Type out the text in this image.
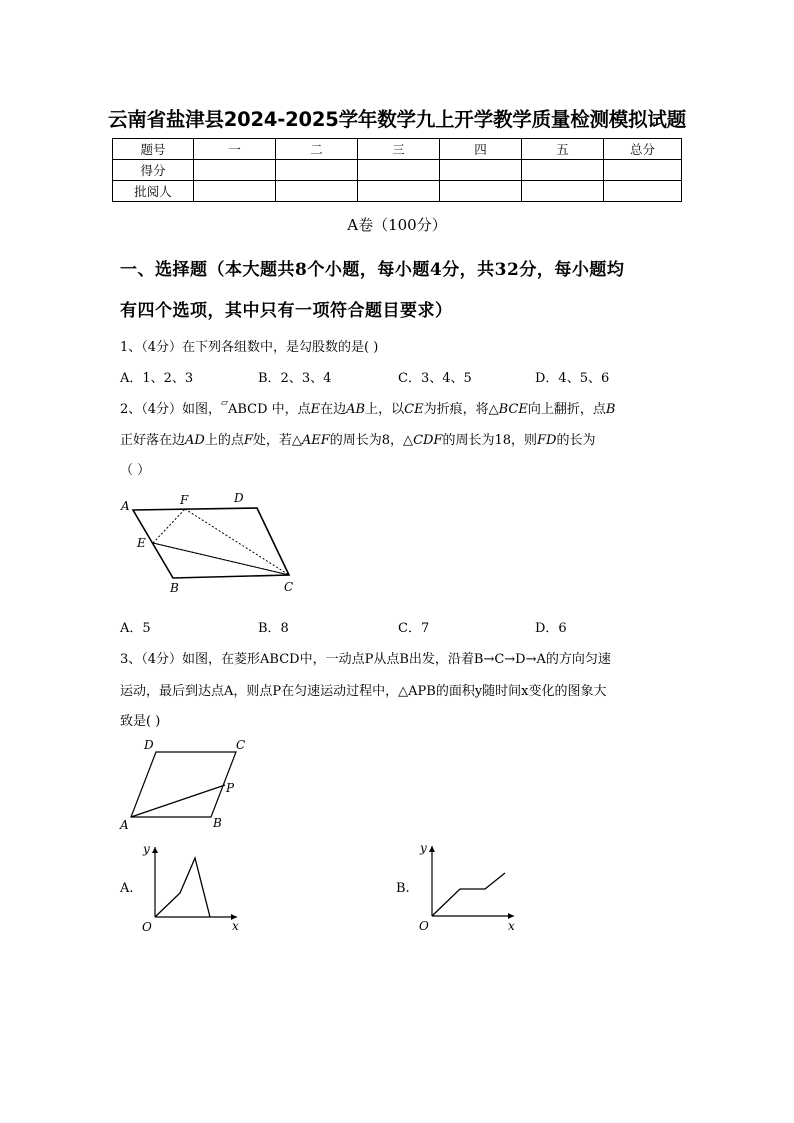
云南省盐津县2024-2025学年数学九上开学教学质量检测模拟试题
题号	一	二	三	四	五	总分
得分						
批阅人						
A卷（100分）
一、选择题（本大题共8个小题，每小题4分，共32分，每小题均
有四个选项，其中只有一项符合题目要求）
1、（4分）在下列各组数中，是勾股数的是( )
A．1、2、3	B．2、3、4	C．3、4、5	D．4、5、6
2、（4分）如图，▱ABCD 中，点E在边AB上，以CE为折痕，将△BCE向上翻折，点B
正好落在边AD上的点F处，若△AEF的周长为8，△CDF的周长为18，则FD的长为
（ ）
A	F	D
E
B	C
A．5	B．8	C．7	D．6
3、（4分）如图，在菱形ABCD中，一动点P从点B出发，沿着B→C→D→A的方向匀速
运动，最后到达点A，则点P在匀速运动过程中，△APB的面积y随时间x变化的图象大
致是( )
D	C
P
A	B
A.	B.
y
x
O
y
x
O
